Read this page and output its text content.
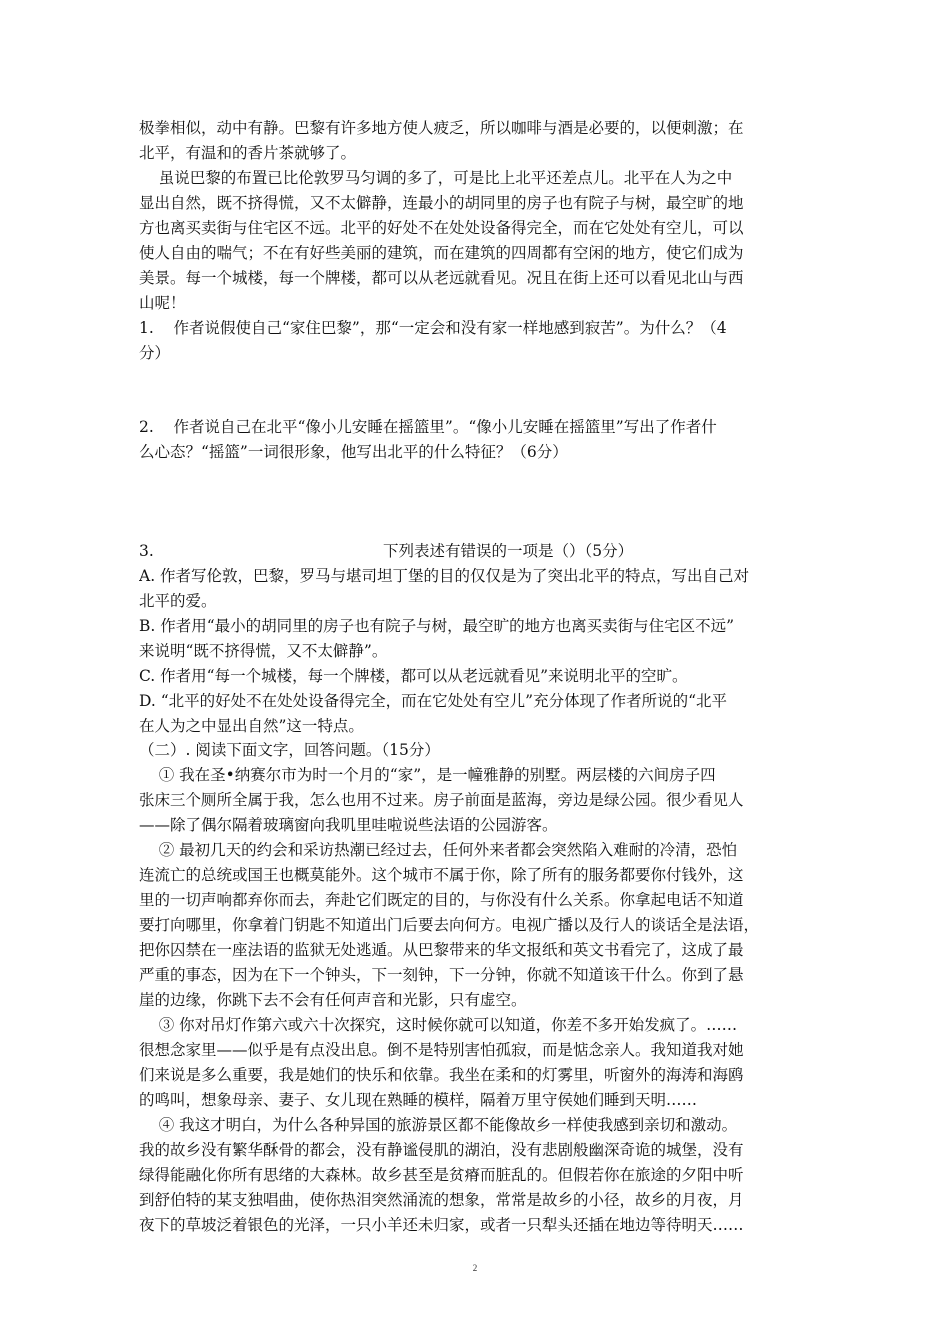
极拳相似，动中有静。巴黎有许多地方使人疲乏，所以咖啡与酒是必要的，以便刺激；在
北平，有温和的香片茶就够了。
虽说巴黎的布置已比伦敦罗马匀调的多了，可是比上北平还差点儿。北平在人为之中
显出自然，既不挤得慌，又不太僻静，连最小的胡同里的房子也有院子与树，最空旷的地
方也离买卖街与住宅区不远。北平的好处不在处处设备得完全，而在它处处有空儿，可以
使人自由的喘气；不在有好些美丽的建筑，而在建筑的四周都有空闲的地方，使它们成为
美景。每一个城楼，每一个牌楼，都可以从老远就看见。况且在街上还可以看见北山与西
山呢！
1.    作者说假使自己“家住巴黎”，那“一定会和没有家一样地感到寂苦”。为什么？（4
分）
2.    作者说自己在北平“像小儿安睡在摇篮里”。“像小儿安睡在摇篮里”写出了作者什
么心态？“摇篮”一词很形象，他写出北平的什么特征？（6分）
3.	下列表述有错误的一项是（）（5分）
A. 作者写伦敦，巴黎，罗马与堪司坦丁堡的目的仅仅是为了突出北平的特点，写出自己对
北平的爱。
B. 作者用“最小的胡同里的房子也有院子与树，最空旷的地方也离买卖街与住宅区不远”
来说明“既不挤得慌，又不太僻静”。
C. 作者用“每一个城楼，每一个牌楼，都可以从老远就看见”来说明北平的空旷。
D. “北平的好处不在处处设备得完全，而在它处处有空儿”充分体现了作者所说的“北平
在人为之中显出自然”这一特点。
（二）. 阅读下面文字，回答问题。（15分）
① 我在圣•纳赛尔市为时一个月的“家”，是一幢雅静的别墅。两层楼的六间房子四
张床三个厕所全属于我，怎么也用不过来。房子前面是蓝海，旁边是绿公园。很少看见人
——除了偶尔隔着玻璃窗向我叽里哇啦说些法语的公园游客。
② 最初几天的约会和采访热潮已经过去，任何外来者都会突然陷入难耐的冷清，恐怕
连流亡的总统或国王也概莫能外。这个城市不属于你，除了所有的服务都要你付钱外，这
里的一切声响都弃你而去，奔赴它们既定的目的，与你没有什么关系。你拿起电话不知道
要打向哪里，你拿着门钥匙不知道出门后要去向何方。电视广播以及行人的谈话全是法语，
把你囚禁在一座法语的监狱无处逃遁。从巴黎带来的华文报纸和英文书看完了，这成了最
严重的事态，因为在下一个钟头，下一刻钟，下一分钟，你就不知道该干什么。你到了悬
崖的边缘，你跳下去不会有任何声音和光影，只有虚空。
③ 你对吊灯作第六或六十次探究，这时候你就可以知道，你差不多开始发疯了。……
很想念家里——似乎是有点没出息。倒不是特别害怕孤寂，而是惦念亲人。我知道我对她
们来说是多么重要，我是她们的快乐和依靠。我坐在柔和的灯雾里，听窗外的海涛和海鸥
的鸣叫，想象母亲、妻子、女儿现在熟睡的模样，隔着万里守侯她们睡到天明……
④ 我这才明白，为什么各种异国的旅游景区都不能像故乡一样使我感到亲切和激动。
我的故乡没有繁华酥骨的都会，没有静谧侵肌的湖泊，没有悲剧般幽深奇诡的城堡，没有
绿得能融化你所有思绪的大森林。故乡甚至是贫瘠而脏乱的。但假若你在旅途的夕阳中听
到舒伯特的某支独唱曲，使你热泪突然涌流的想象，常常是故乡的小径，故乡的月夜，月
夜下的草坡泛着银色的光泽，一只小羊还未归家，或者一只犁头还插在地边等待明天……
2
